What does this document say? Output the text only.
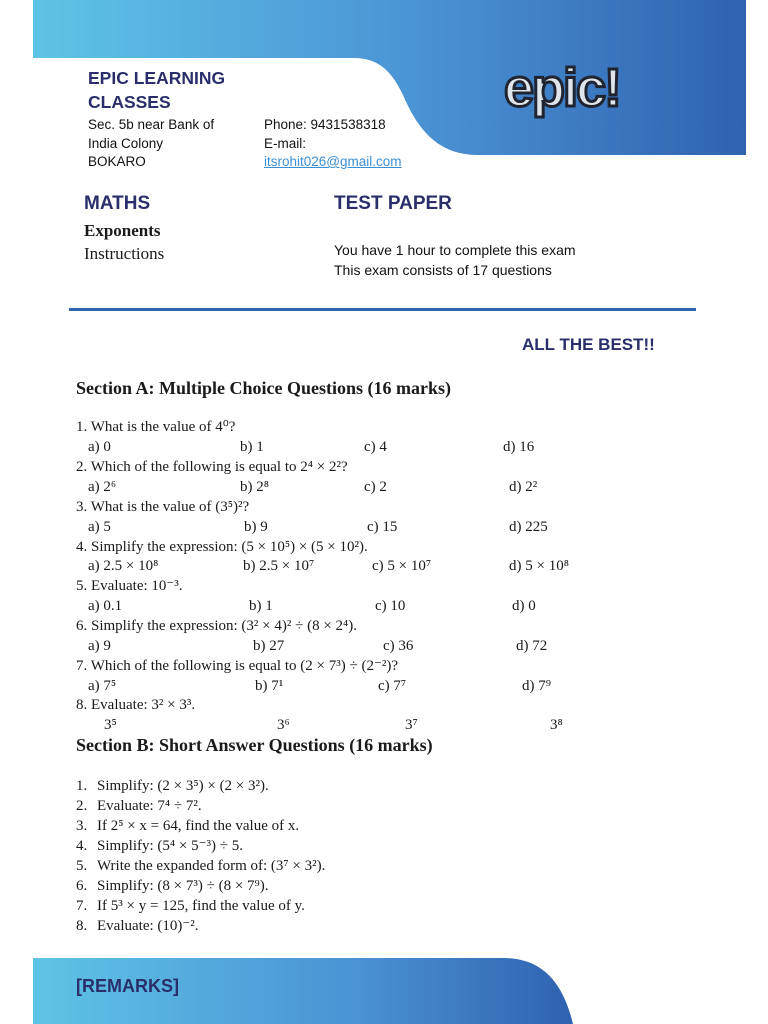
epic!
EPIC LEARNING
CLASSES
Sec. 5b near Bank of
India Colony
BOKARO
Phone: 9431538318
E-mail:
itsrohit026@gmail.com
MATHS	TEST PAPER
Exponents
Instructions	You have 1 hour to complete this exam
This exam consists of 17 questions
ALL THE BEST!!
Section A: Multiple Choice Questions (16 marks)
1. What is the value of 4⁰?
a) 0	b) 1	c) 4	d) 16
2. Which of the following is equal to 2⁴ × 2²?
a) 2⁶	b) 2⁸	c) 2	d) 2²
3. What is the value of (3⁵)²?
a) 5	b) 9	c) 15	d) 225
4. Simplify the expression: (5 × 10⁵) × (5 × 10²).
a) 2.5 × 10⁸	b) 2.5 × 10⁷	c) 5 × 10⁷	d) 5 × 10⁸
5. Evaluate: 10⁻³.
a) 0.1	b) 1	c) 10	d) 0
6. Simplify the expression: (3² × 4)² ÷ (8 × 2⁴).
a) 9	b) 27	c) 36	d) 72
7. Which of the following is equal to (2 × 7³) ÷ (2⁻²)?
a) 7⁵	b) 7¹	c) 7⁷	d) 7⁹
8. Evaluate: 3² × 3³.
3⁵	3⁶	3⁷	3⁸
Section B: Short Answer Questions (16 marks)
1. Simplify: (2 × 3⁵) × (2 × 3²).
2. Evaluate: 7⁴ ÷ 7².
3. If 2⁵ × x = 64, find the value of x.
4. Simplify: (5⁴ × 5⁻³) ÷ 5.
5. Write the expanded form of: (3⁷ × 3²).
6. Simplify: (8 × 7³) ÷ (8 × 7⁹).
7. If 5³ × y = 125, find the value of y.
8. Evaluate: (10)⁻².
[REMARKS]
